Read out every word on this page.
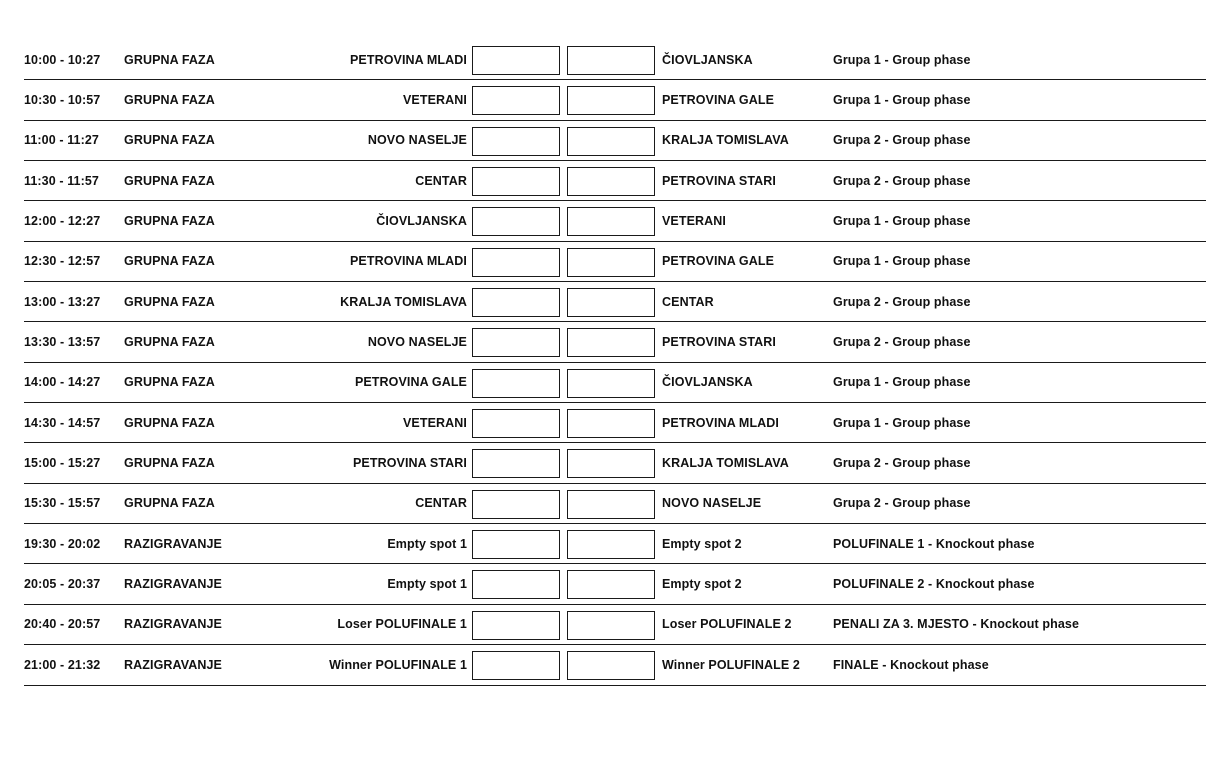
10:00 - 10:27	GRUPNA FAZA	PETROVINA MLADI	ČIOVLJANSKA	Grupa 1 - Group phase
10:30 - 10:57	GRUPNA FAZA	VETERANI	PETROVINA GALE	Grupa 1 - Group phase
11:00 - 11:27	GRUPNA FAZA	NOVO NASELJE	KRALJA TOMISLAVA	Grupa 2 - Group phase
11:30 - 11:57	GRUPNA FAZA	CENTAR	PETROVINA STARI	Grupa 2 - Group phase
12:00 - 12:27	GRUPNA FAZA	ČIOVLJANSKA	VETERANI	Grupa 1 - Group phase
12:30 - 12:57	GRUPNA FAZA	PETROVINA MLADI	PETROVINA GALE	Grupa 1 - Group phase
13:00 - 13:27	GRUPNA FAZA	KRALJA TOMISLAVA	CENTAR	Grupa 2 - Group phase
13:30 - 13:57	GRUPNA FAZA	NOVO NASELJE	PETROVINA STARI	Grupa 2 - Group phase
14:00 - 14:27	GRUPNA FAZA	PETROVINA GALE	ČIOVLJANSKA	Grupa 1 - Group phase
14:30 - 14:57	GRUPNA FAZA	VETERANI	PETROVINA MLADI	Grupa 1 - Group phase
15:00 - 15:27	GRUPNA FAZA	PETROVINA STARI	KRALJA TOMISLAVA	Grupa 2 - Group phase
15:30 - 15:57	GRUPNA FAZA	CENTAR	NOVO NASELJE	Grupa 2 - Group phase
19:30 - 20:02	RAZIGRAVANJE	Empty spot 1	Empty spot 2	POLUFINALE 1 - Knockout phase
20:05 - 20:37	RAZIGRAVANJE	Empty spot 1	Empty spot 2	POLUFINALE 2 - Knockout phase
20:40 - 20:57	RAZIGRAVANJE	Loser POLUFINALE 1	Loser POLUFINALE 2	PENALI ZA 3. MJESTO - Knockout phase
21:00 - 21:32	RAZIGRAVANJE	Winner POLUFINALE 1	Winner POLUFINALE 2	FINALE - Knockout phase
